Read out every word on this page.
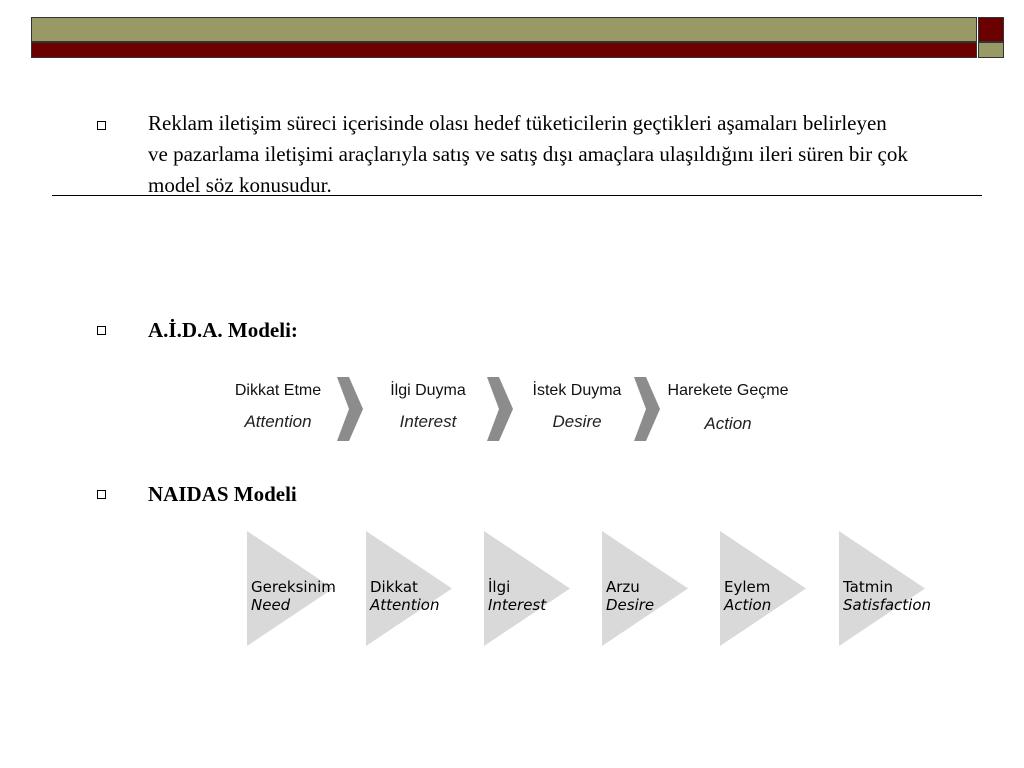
Reklam iletişim süreci içerisinde olası hedef tüketicilerin geçtikleri aşamaları belirleyen ve pazarlama iletişimi araçlarıyla satış ve satış dışı amaçlara ulaşıldığını ileri süren bir çok model söz konusudur.
A.İ.D.A. Modeli:
Dikkat Etme
Attention
İlgi Duyma
Interest
İstek Duyma
Desire
Harekete Geçme
Action
NAIDAS Modeli
Gereksinim
Need
Dikkat
Attention
İlgi
Interest
Arzu
Desire
Eylem
Action
Tatmin
Satisfaction
